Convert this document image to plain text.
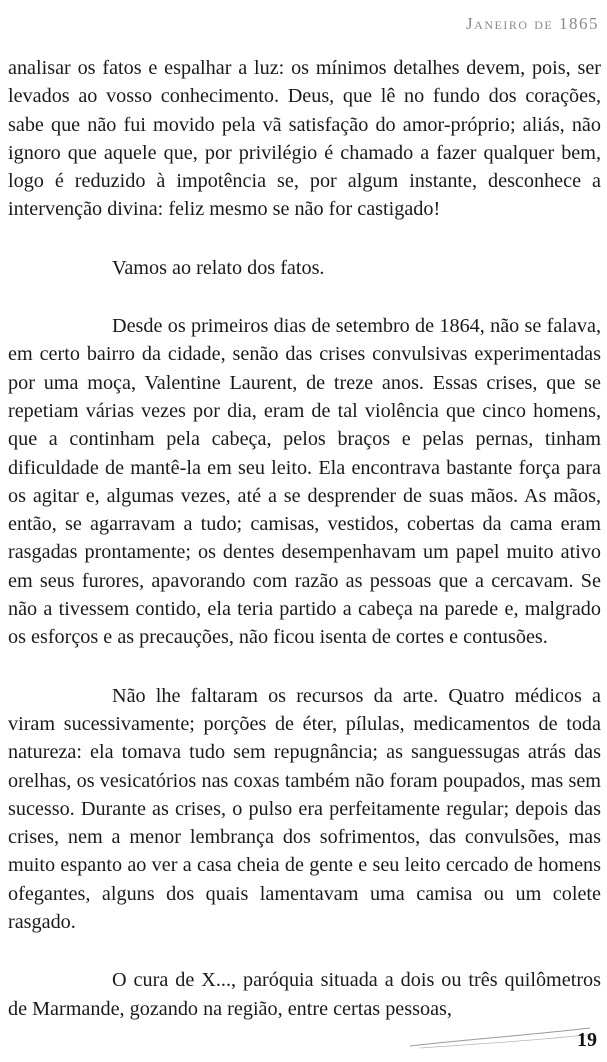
Janeiro de 1865

analisar os fatos e espalhar a luz: os mínimos detalhes devem, pois, ser levados ao vosso conhecimento. Deus, que lê no fundo dos corações, sabe que não fui movido pela vã satisfação do amor-próprio; aliás, não ignoro que aquele que, por privilégio é chamado a fazer qualquer bem, logo é reduzido à impotência se, por algum instante, desconhece a intervenção divina: feliz mesmo se não for castigado!

Vamos ao relato dos fatos.

Desde os primeiros dias de setembro de 1864, não se falava, em certo bairro da cidade, senão das crises convulsivas experimentadas por uma moça, Valentine Laurent, de treze anos. Essas crises, que se repetiam várias vezes por dia, eram de tal violência que cinco homens, que a continham pela cabeça, pelos braços e pelas pernas, tinham dificuldade de mantê-la em seu leito. Ela encontrava bastante força para os agitar e, algumas vezes, até a se desprender de suas mãos. As mãos, então, se agarravam a tudo; camisas, vestidos, cobertas da cama eram rasgadas prontamente; os dentes desempenhavam um papel muito ativo em seus furores, apavorando com razão as pessoas que a cercavam. Se não a tivessem contido, ela teria partido a cabeça na parede e, malgrado os esforços e as precauções, não ficou isenta de cortes e contusões.

Não lhe faltaram os recursos da arte. Quatro médicos a viram sucessivamente; porções de éter, pílulas, medicamentos de toda natureza: ela tomava tudo sem repugnância; as sanguessugas atrás das orelhas, os vesicatórios nas coxas também não foram poupados, mas sem sucesso. Durante as crises, o pulso era perfeitamente regular; depois das crises, nem a menor lembrança dos sofrimentos, das convulsões, mas muito espanto ao ver a casa cheia de gente e seu leito cercado de homens ofegantes, alguns dos quais lamentavam uma camisa ou um colete rasgado.

O cura de X..., paróquia situada a dois ou três quilômetros de Marmande, gozando na região, entre certas pessoas,

19
